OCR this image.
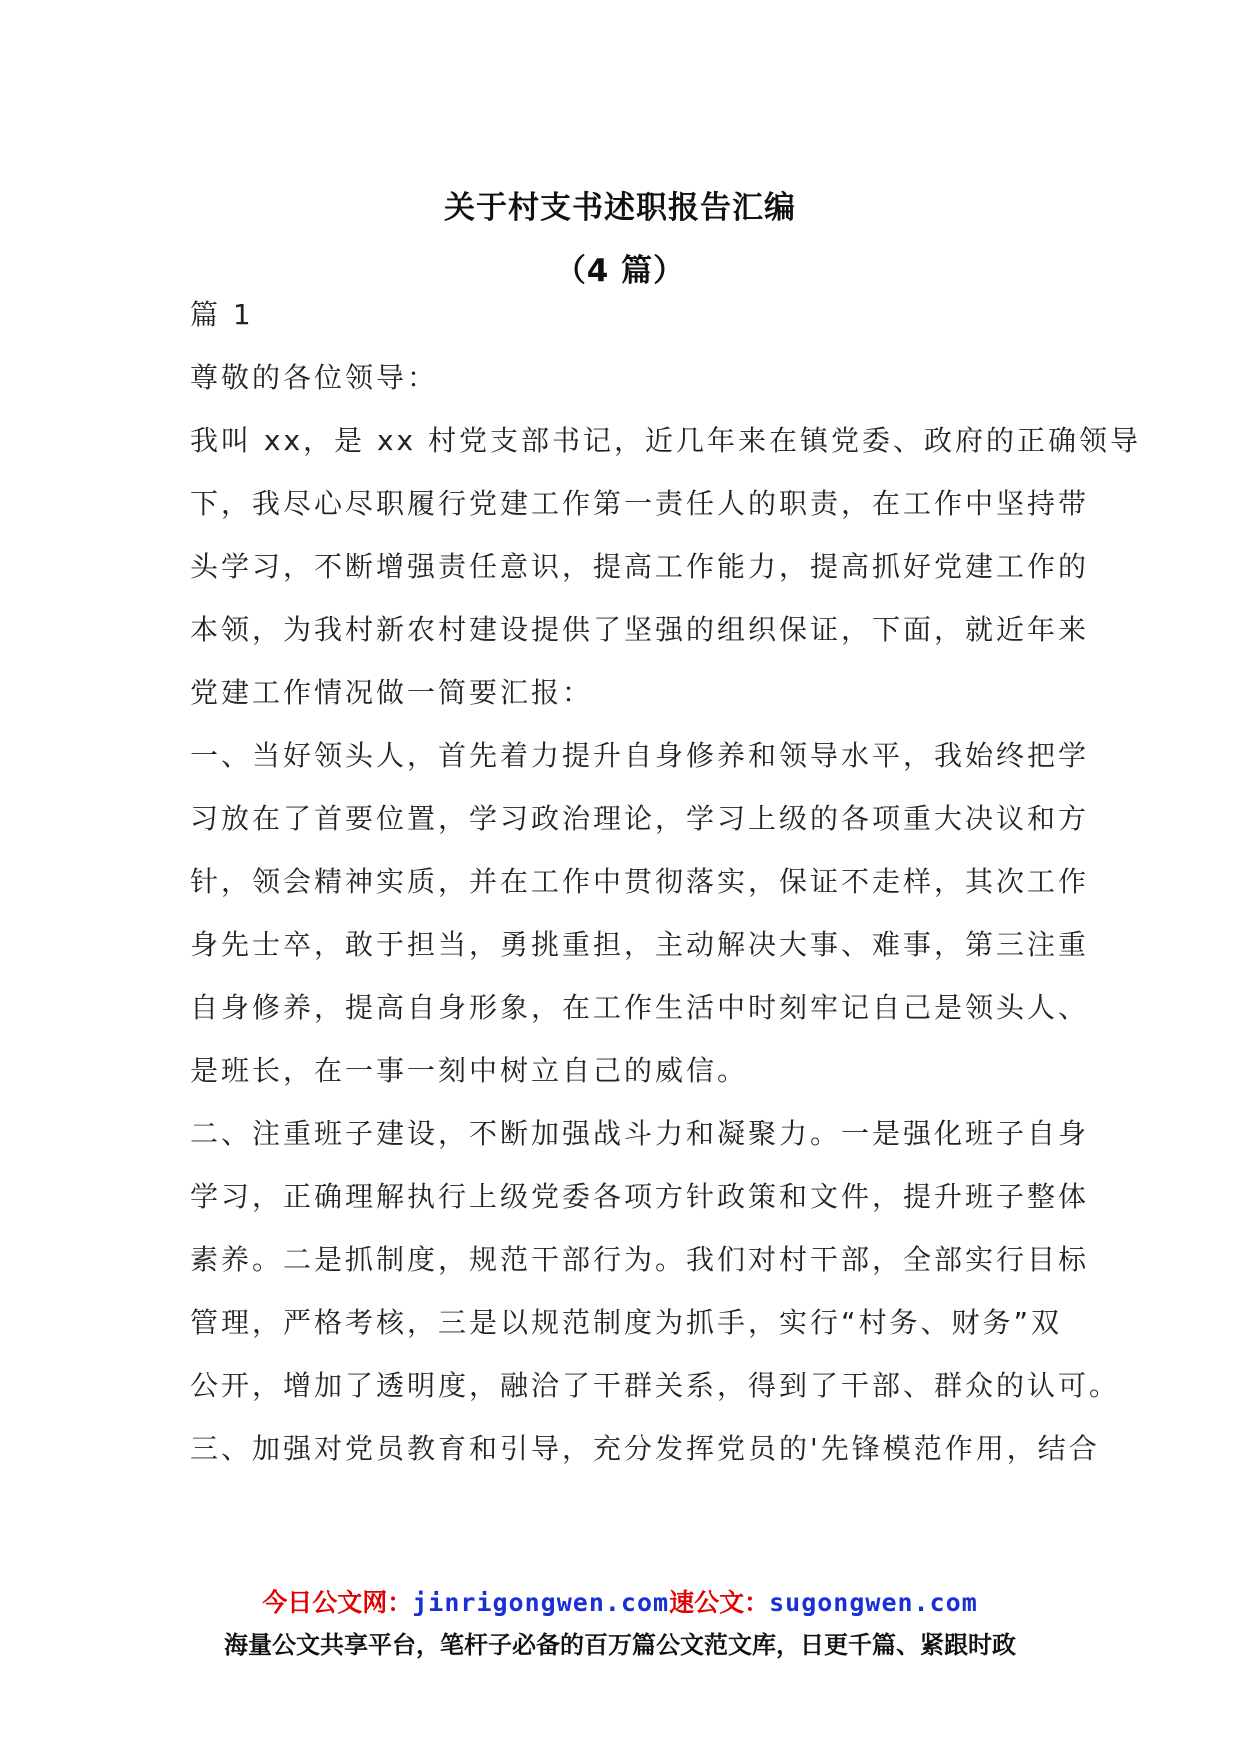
关于村支书述职报告汇编
（4 篇）
篇 1
尊敬的各位领导：
我叫 xx，是 xx 村党支部书记，近几年来在镇党委、政府的正确领导
下，我尽心尽职履行党建工作第一责任人的职责，在工作中坚持带
头学习，不断增强责任意识，提高工作能力，提高抓好党建工作的
本领，为我村新农村建设提供了坚强的组织保证，下面，就近年来
党建工作情况做一简要汇报：
一、当好领头人，首先着力提升自身修养和领导水平，我始终把学
习放在了首要位置，学习政治理论，学习上级的各项重大决议和方
针，领会精神实质，并在工作中贯彻落实，保证不走样，其次工作
身先士卒，敢于担当，勇挑重担，主动解决大事、难事，第三注重
自身修养，提高自身形象，在工作生活中时刻牢记自己是领头人、
是班长，在一事一刻中树立自己的威信。
二、注重班子建设，不断加强战斗力和凝聚力。一是强化班子自身
学习，正确理解执行上级党委各项方针政策和文件，提升班子整体
素养。二是抓制度，规范干部行为。我们对村干部，全部实行目标
管理，严格考核，三是以规范制度为抓手，实行“村务、财务”双
公开，增加了透明度，融洽了干群关系，得到了干部、群众的认可。
三、加强对党员教育和引导，充分发挥党员的'先锋模范作用，结合
今日公文网：jinrigongwen.com速公文：sugongwen.com
海量公文共享平台，笔杆子必备的百万篇公文范文库，日更千篇、紧跟时政
